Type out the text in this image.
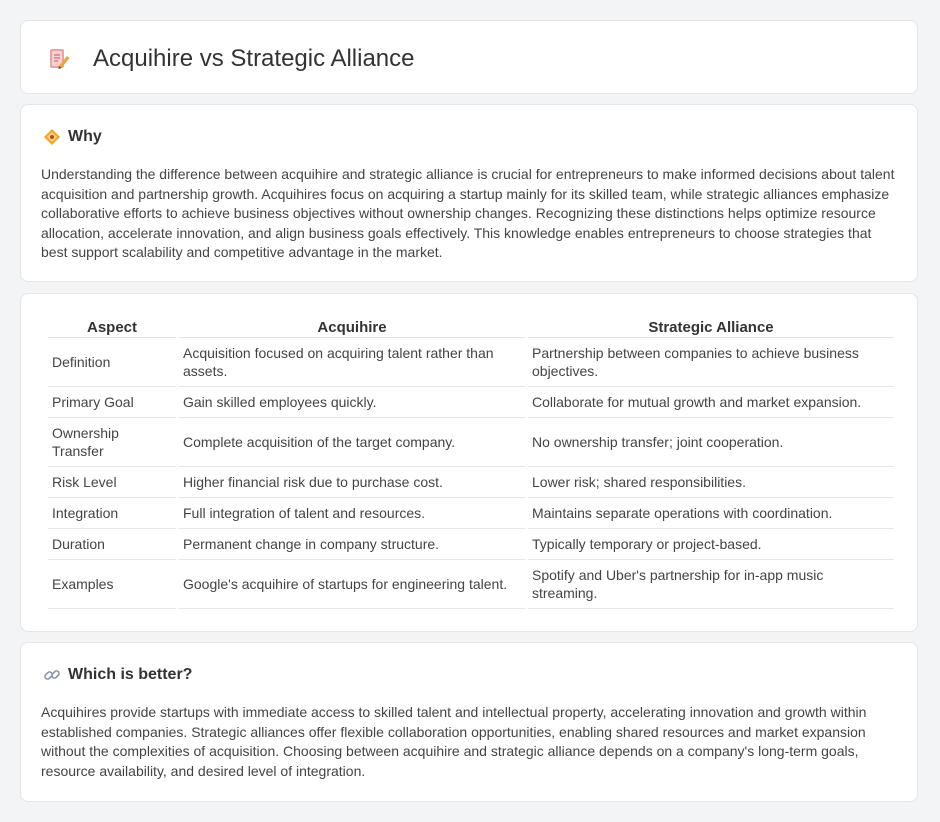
Acquihire vs Strategic Alliance
Why
Understanding the difference between acquihire and strategic alliance is crucial for entrepreneurs to make informed decisions about talent acquisition and partnership growth. Acquihires focus on acquiring a startup mainly for its skilled team, while strategic alliances emphasize collaborative efforts to achieve business objectives without ownership changes. Recognizing these distinctions helps optimize resource allocation, accelerate innovation, and align business goals effectively. This knowledge enables entrepreneurs to choose strategies that best support scalability and competitive advantage in the market.
Aspect	Acquihire	Strategic Alliance
Definition	Acquisition focused on acquiring talent rather than assets.	Partnership between companies to achieve business objectives.
Primary Goal	Gain skilled employees quickly.	Collaborate for mutual growth and market expansion.
Ownership Transfer	Complete acquisition of the target company.	No ownership transfer; joint cooperation.
Risk Level	Higher financial risk due to purchase cost.	Lower risk; shared responsibilities.
Integration	Full integration of talent and resources.	Maintains separate operations with coordination.
Duration	Permanent change in company structure.	Typically temporary or project-based.
Examples	Google's acquihire of startups for engineering talent.	Spotify and Uber's partnership for in-app music streaming.
Which is better?
Acquihires provide startups with immediate access to skilled talent and intellectual property, accelerating innovation and growth within established companies. Strategic alliances offer flexible collaboration opportunities, enabling shared resources and market expansion without the complexities of acquisition. Choosing between acquihire and strategic alliance depends on a company's long-term goals, resource availability, and desired level of integration.
